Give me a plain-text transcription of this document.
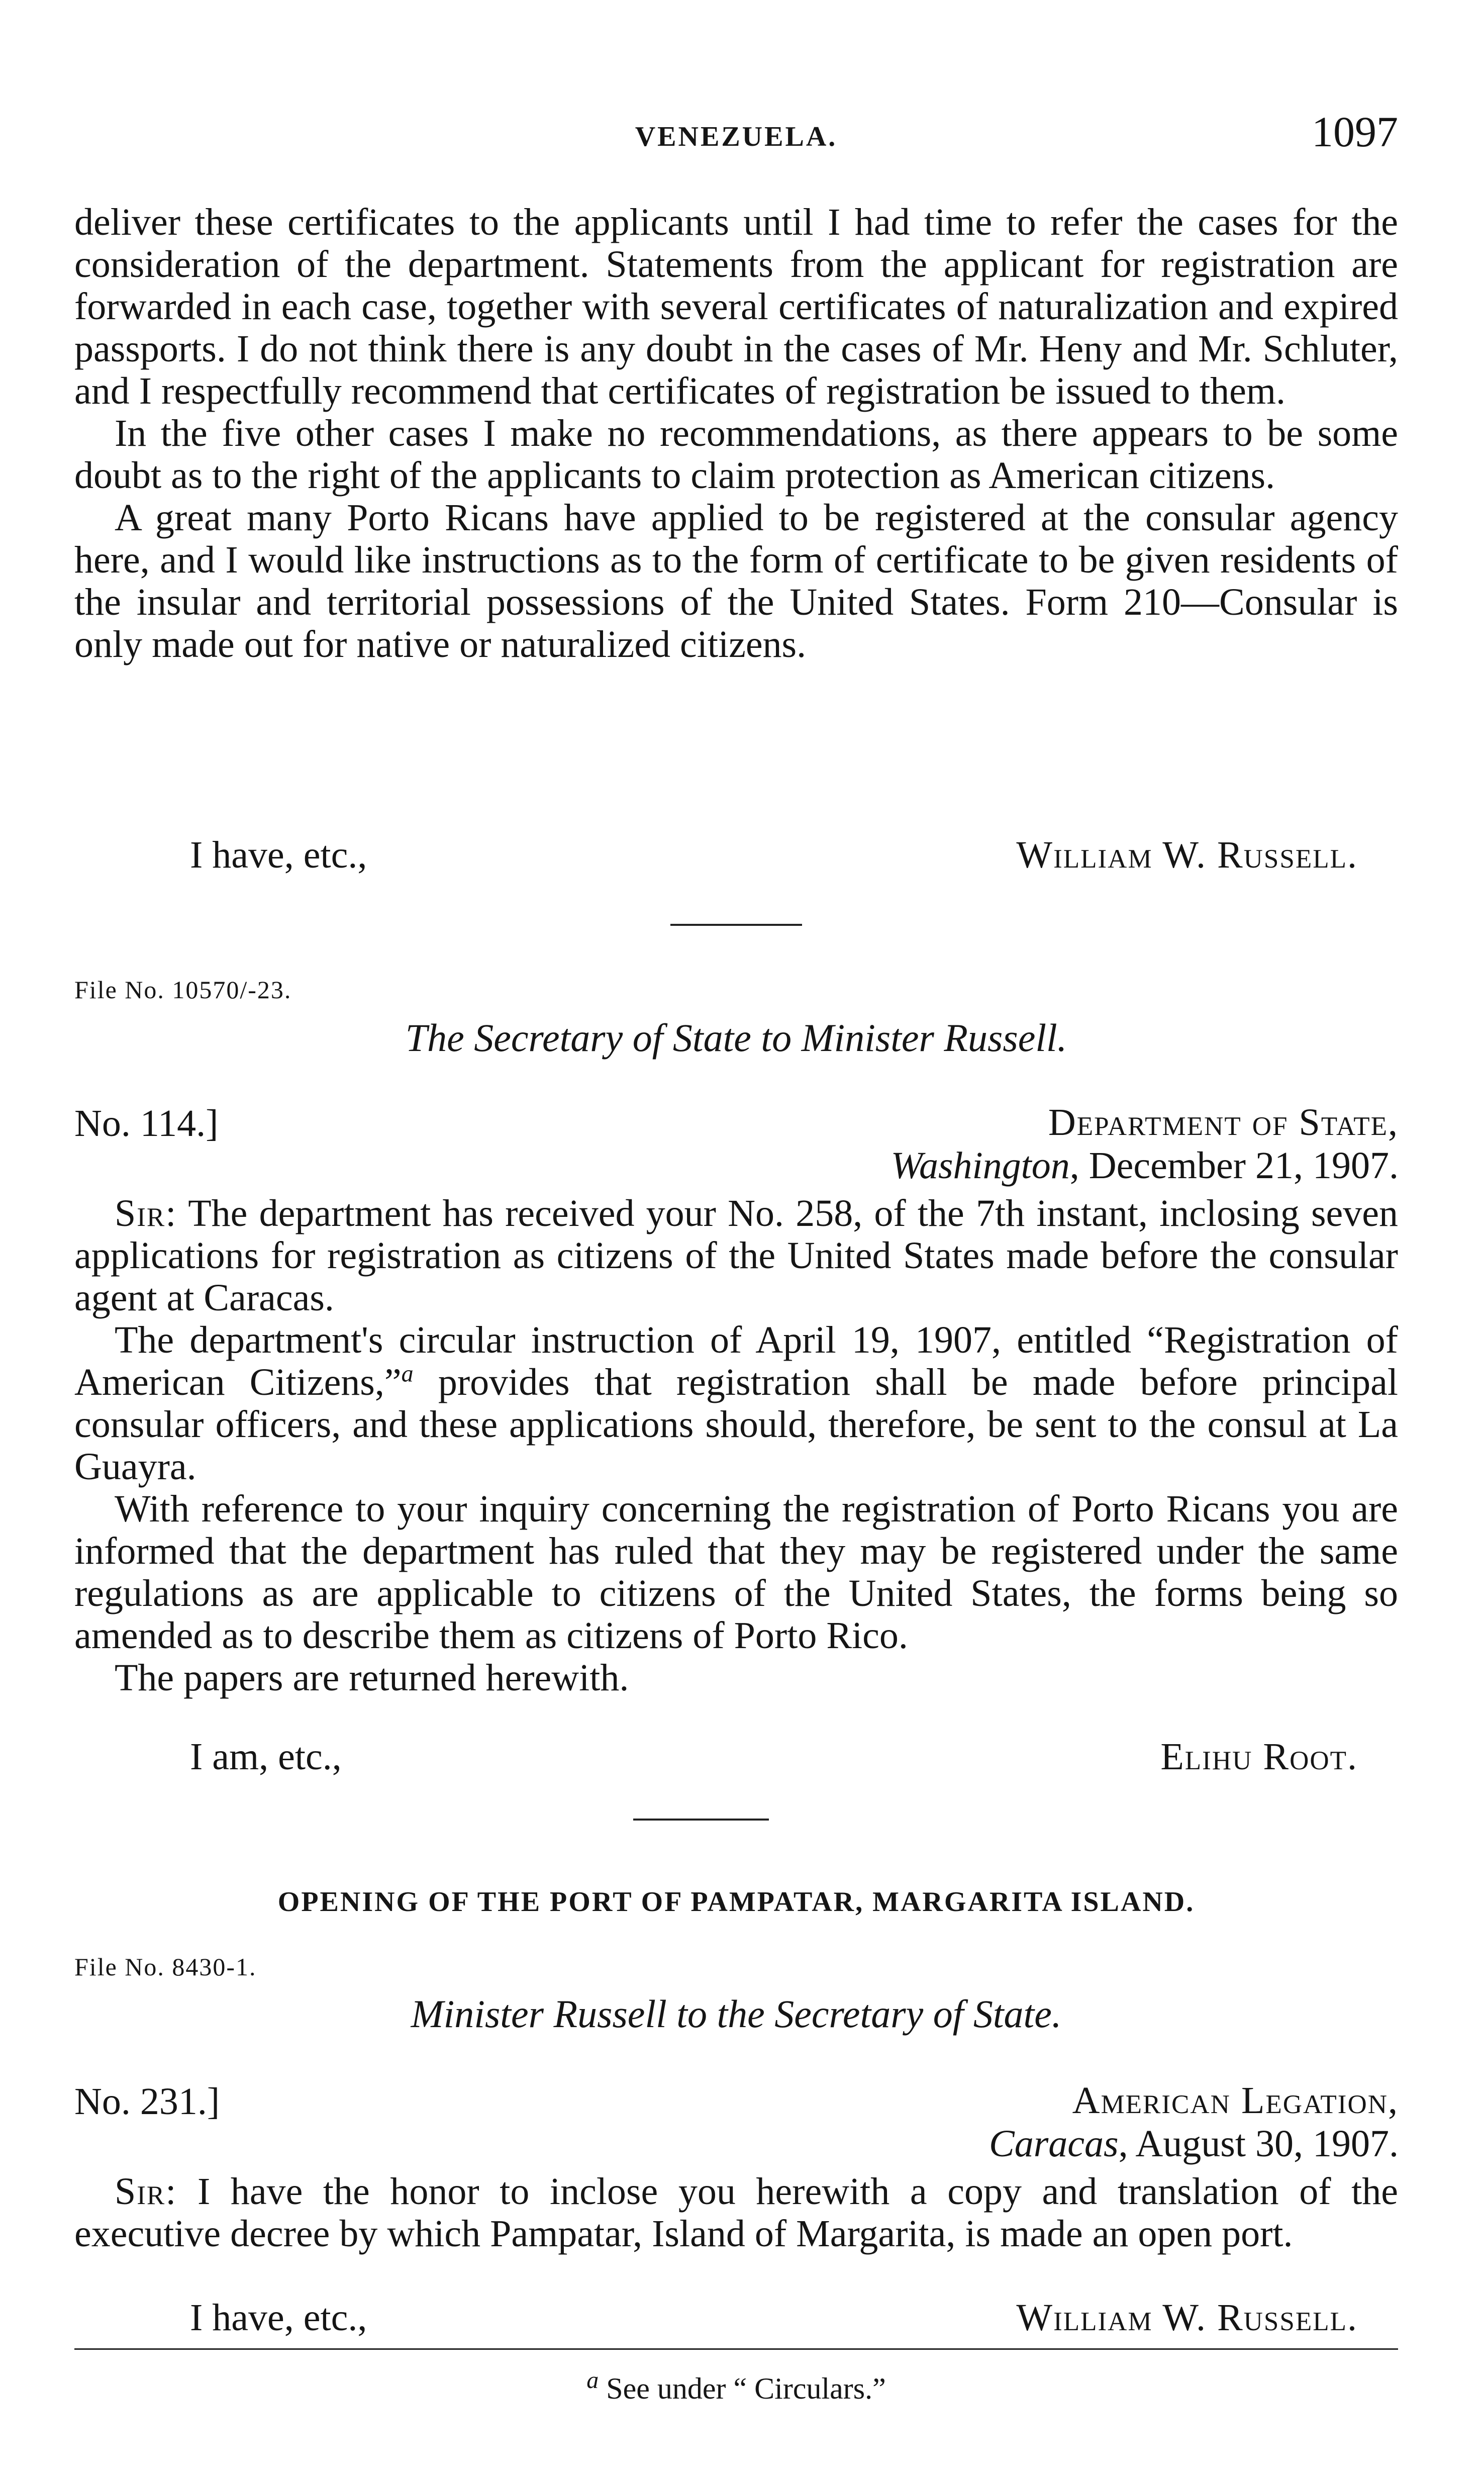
VENEZUELA.	1097

deliver these certificates to the applicants until I had time to refer the cases for the consideration of the department. Statements from the applicant for registration are forwarded in each case, together with several certificates of naturalization and expired passports. I do not think there is any doubt in the cases of Mr. Heny and Mr. Schluter, and I respectfully recommend that certificates of registration be issued to them.

In the five other cases I make no recommendations, as there appears to be some doubt as to the right of the applicants to claim protection as American citizens.

A great many Porto Ricans have applied to be registered at the consular agency here, and I would like instructions as to the form of certificate to be given residents of the insular and territorial possessions of the United States. Form 210—Consular is only made out for native or naturalized citizens.

I have, etc.,	William W. Russell.
File No. 10570/-23.
The Secretary of State to Minister Russell.
No. 114.]	Department of State,
Washington, December 21, 1907.

Sir: The department has received your No. 258, of the 7th instant, inclosing seven applications for registration as citizens of the United States made before the consular agent at Caracas.

The department's circular instruction of April 19, 1907, entitled “Registration of American Citizens,”$^a$ provides that registration shall be made before principal consular officers, and these applications should, therefore, be sent to the consul at La Guayra.

With reference to your inquiry concerning the registration of Porto Ricans you are informed that the department has ruled that they may be registered under the same regulations as are applicable to citizens of the United States, the forms being so amended as to describe them as citizens of Porto Rico.

The papers are returned herewith.

I am, etc.,	Elihu Root.
OPENING OF THE PORT OF PAMPATAR, MARGARITA ISLAND.
File No. 8430-1.
Minister Russell to the Secretary of State.
No. 231.]	American Legation,
Caracas, August 30, 1907.

Sir: I have the honor to inclose you herewith a copy and translation of the executive decree by which Pampatar, Island of Margarita, is made an open port.

I have, etc.,	William W. Russell.
$^a$ See under “ Circulars.”
